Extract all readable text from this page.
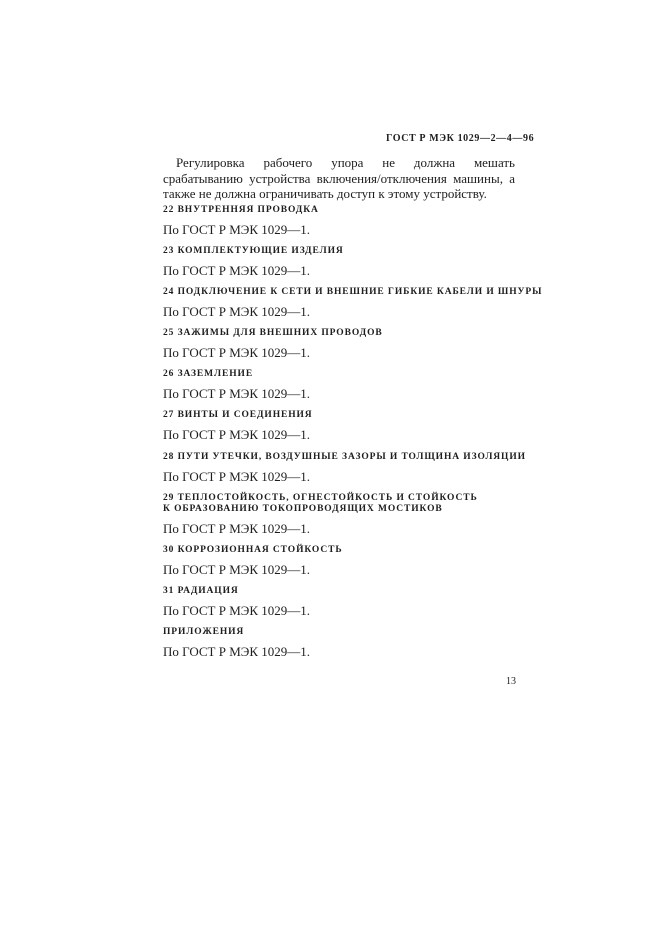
ГОСТ Р МЭК 1029—2—4—96
Регулировка рабочего упора не должна мешать срабатыванию устройства включения/отключения машины, а также не должна ограничивать доступ к этому устройству.
22 ВНУТРЕННЯЯ ПРОВОДКА
По ГОСТ Р МЭК 1029—1.
23 КОМПЛЕКТУЮЩИЕ ИЗДЕЛИЯ
По ГОСТ Р МЭК 1029—1.
24 ПОДКЛЮЧЕНИЕ К СЕТИ И ВНЕШНИЕ ГИБКИЕ КАБЕЛИ И ШНУРЫ
По ГОСТ Р МЭК 1029—1.
25 ЗАЖИМЫ ДЛЯ ВНЕШНИХ ПРОВОДОВ
По ГОСТ Р МЭК 1029—1.
26 ЗАЗЕМЛЕНИЕ
По ГОСТ Р МЭК 1029—1.
27 ВИНТЫ И СОЕДИНЕНИЯ
По ГОСТ Р МЭК 1029—1.
28 ПУТИ УТЕЧКИ, ВОЗДУШНЫЕ ЗАЗОРЫ И ТОЛЩИНА ИЗОЛЯЦИИ
По ГОСТ Р МЭК 1029—1.
29 ТЕПЛОСТОЙКОСТЬ, ОГНЕСТОЙКОСТЬ И СТОЙКОСТЬ
К ОБРАЗОВАНИЮ ТОКОПРОВОДЯЩИХ МОСТИКОВ
По ГОСТ Р МЭК 1029—1.
30 КОРРОЗИОННАЯ СТОЙКОСТЬ
По ГОСТ Р МЭК 1029—1.
31 РАДИАЦИЯ
По ГОСТ Р МЭК 1029—1.
ПРИЛОЖЕНИЯ
По ГОСТ Р МЭК 1029—1.
13
